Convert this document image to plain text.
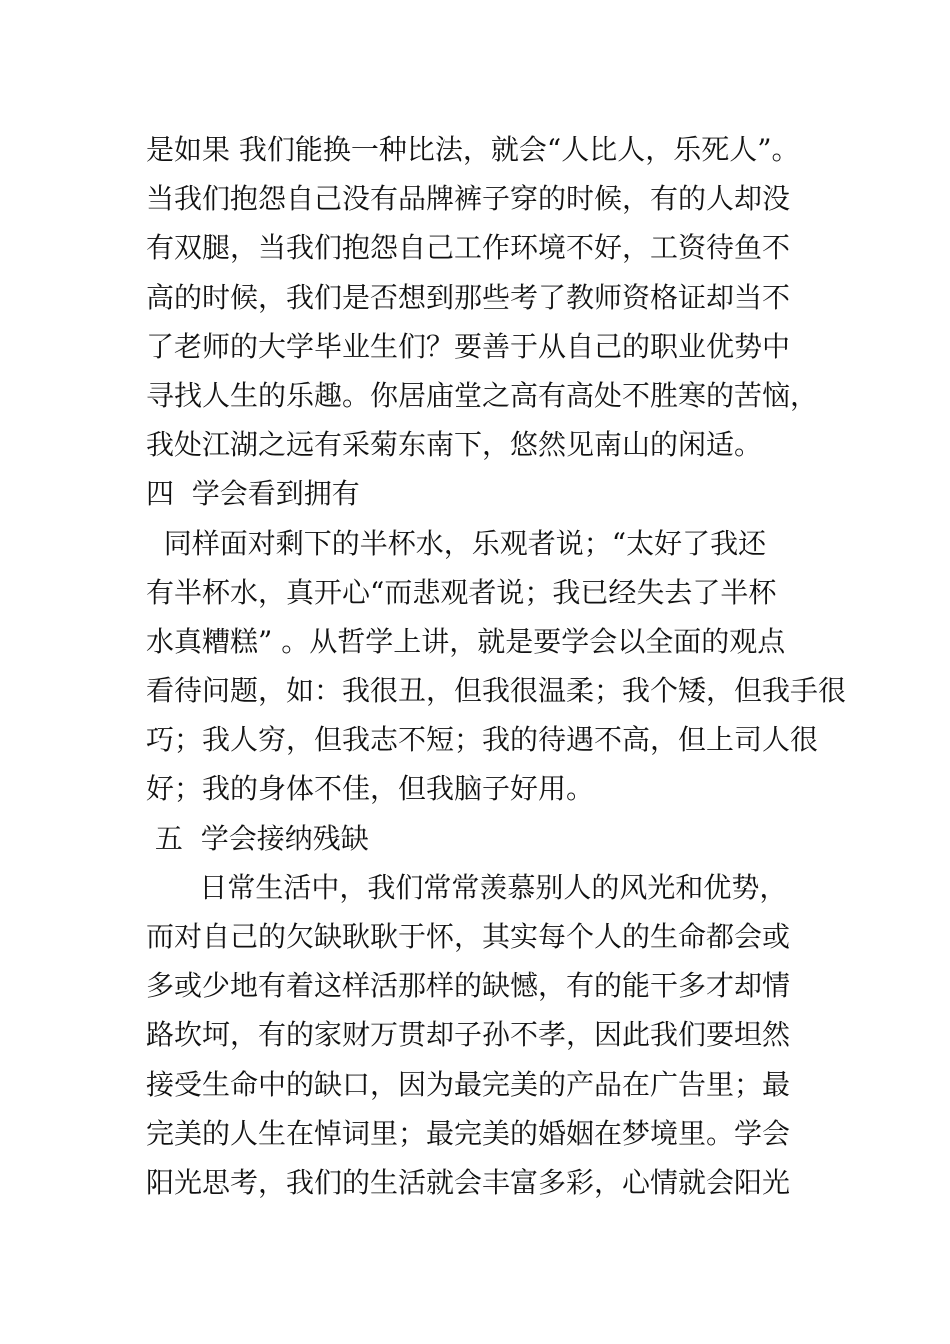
是如果 我们能换一种比法，就会“人比人，乐死人”。
当我们抱怨自己没有品牌裤子穿的时候，有的人却没
有双腿，当我们抱怨自己工作环境不好，工资待鱼不
高的时候，我们是否想到那些考了教师资格证却当不
了老师的大学毕业生们？要善于从自己的职业优势中
寻找人生的乐趣。你居庙堂之高有高处不胜寒的苦恼，
我处江湖之远有采菊东南下，悠然见南山的闲适。
四  学会看到拥有
同样面对剩下的半杯水，乐观者说；“太好了我还
有半杯水，真开心“而悲观者说；我已经失去了半杯
水真糟糕” 。从哲学上讲，就是要学会以全面的观点
看待问题，如：我很丑，但我很温柔；我个矮，但我手很
巧；我人穷，但我志不短；我的待遇不高，但上司人很
好；我的身体不佳，但我脑子好用。
五  学会接纳残缺
日常生活中，我们常常羡慕别人的风光和优势，
而对自己的欠缺耿耿于怀，其实每个人的生命都会或
多或少地有着这样活那样的缺憾，有的能干多才却情
路坎坷，有的家财万贯却子孙不孝，因此我们要坦然
接受生命中的缺口，因为最完美的产品在广告里；最
完美的人生在悼词里；最完美的婚姻在梦境里。学会
阳光思考，我们的生活就会丰富多彩，心情就会阳光
